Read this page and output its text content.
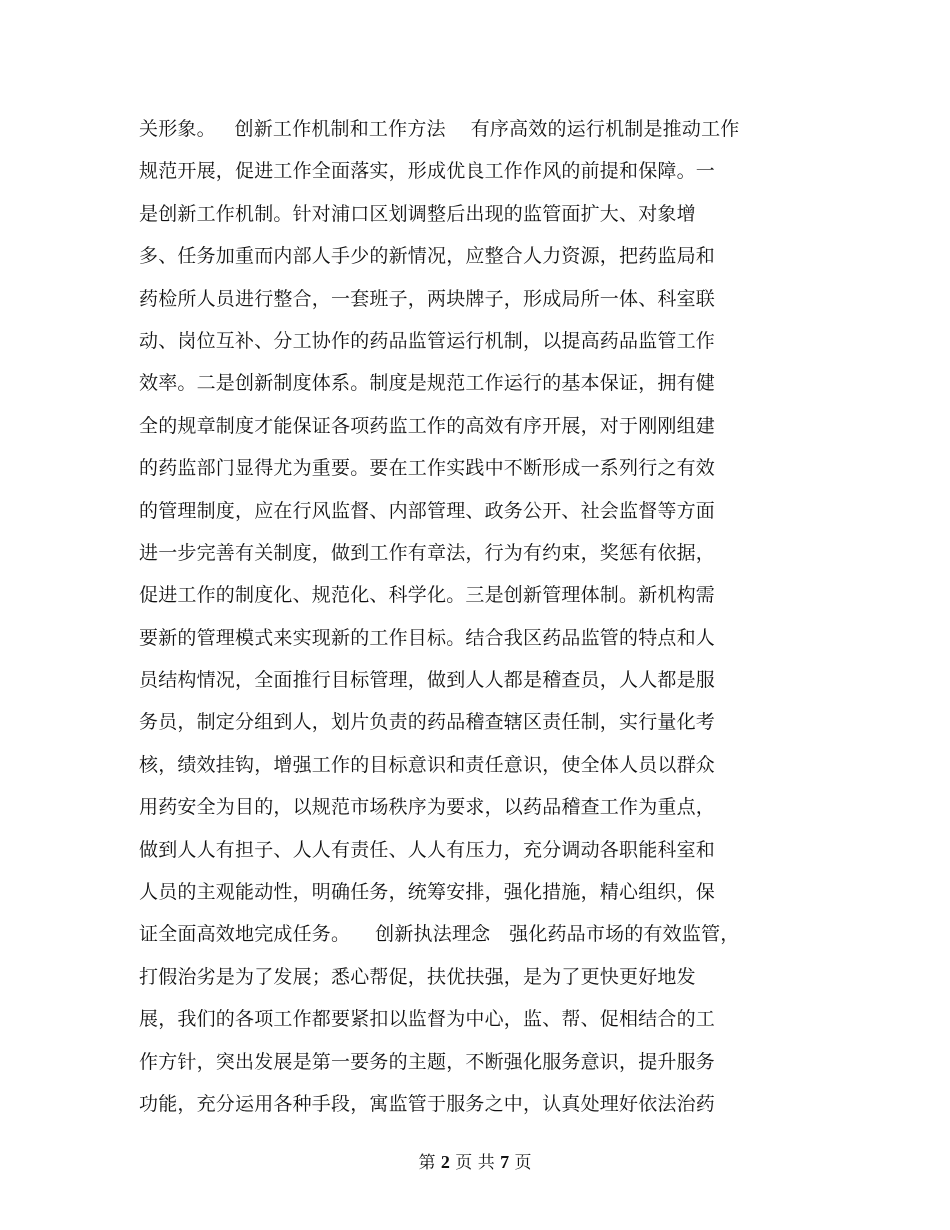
关形象。   创新工作机制和工作方法    有序高效的运行机制是推动工作
规范开展，促进工作全面落实，形成优良工作作风的前提和保障。一
是创新工作机制。针对浦口区划调整后出现的监管面扩大、对象增
多、任务加重而内部人手少的新情况，应整合人力资源，把药监局和
药检所人员进行整合，一套班子，两块牌子，形成局所一体、科室联
动、岗位互补、分工协作的药品监管运行机制，以提高药品监管工作
效率。二是创新制度体系。制度是规范工作运行的基本保证，拥有健
全的规章制度才能保证各项药监工作的高效有序开展，对于刚刚组建
的药监部门显得尤为重要。要在工作实践中不断形成一系列行之有效
的管理制度，应在行风监督、内部管理、政务公开、社会监督等方面
进一步完善有关制度，做到工作有章法，行为有约束，奖惩有依据，
促进工作的制度化、规范化、科学化。三是创新管理体制。新机构需
要新的管理模式来实现新的工作目标。结合我区药品监管的特点和人
员结构情况，全面推行目标管理，做到人人都是稽查员，人人都是服
务员，制定分组到人，划片负责的药品稽查辖区责任制，实行量化考
核，绩效挂钩，增强工作的目标意识和责任意识，使全体人员以群众
用药安全为目的，以规范市场秩序为要求，以药品稽查工作为重点，
做到人人有担子、人人有责任、人人有压力，充分调动各职能科室和
人员的主观能动性，明确任务，统筹安排，强化措施，精心组织，保
证全面高效地完成任务。    创新执法理念   强化药品市场的有效监管，
打假治劣是为了发展；悉心帮促，扶优扶强，是为了更快更好地发
展，我们的各项工作都要紧扣以监督为中心，监、帮、促相结合的工
作方针，突出发展是第一要务的主题，不断强化服务意识，提升服务
功能，充分运用各种手段，寓监管于服务之中，认真处理好依法治药
第 2 页 共 7 页
